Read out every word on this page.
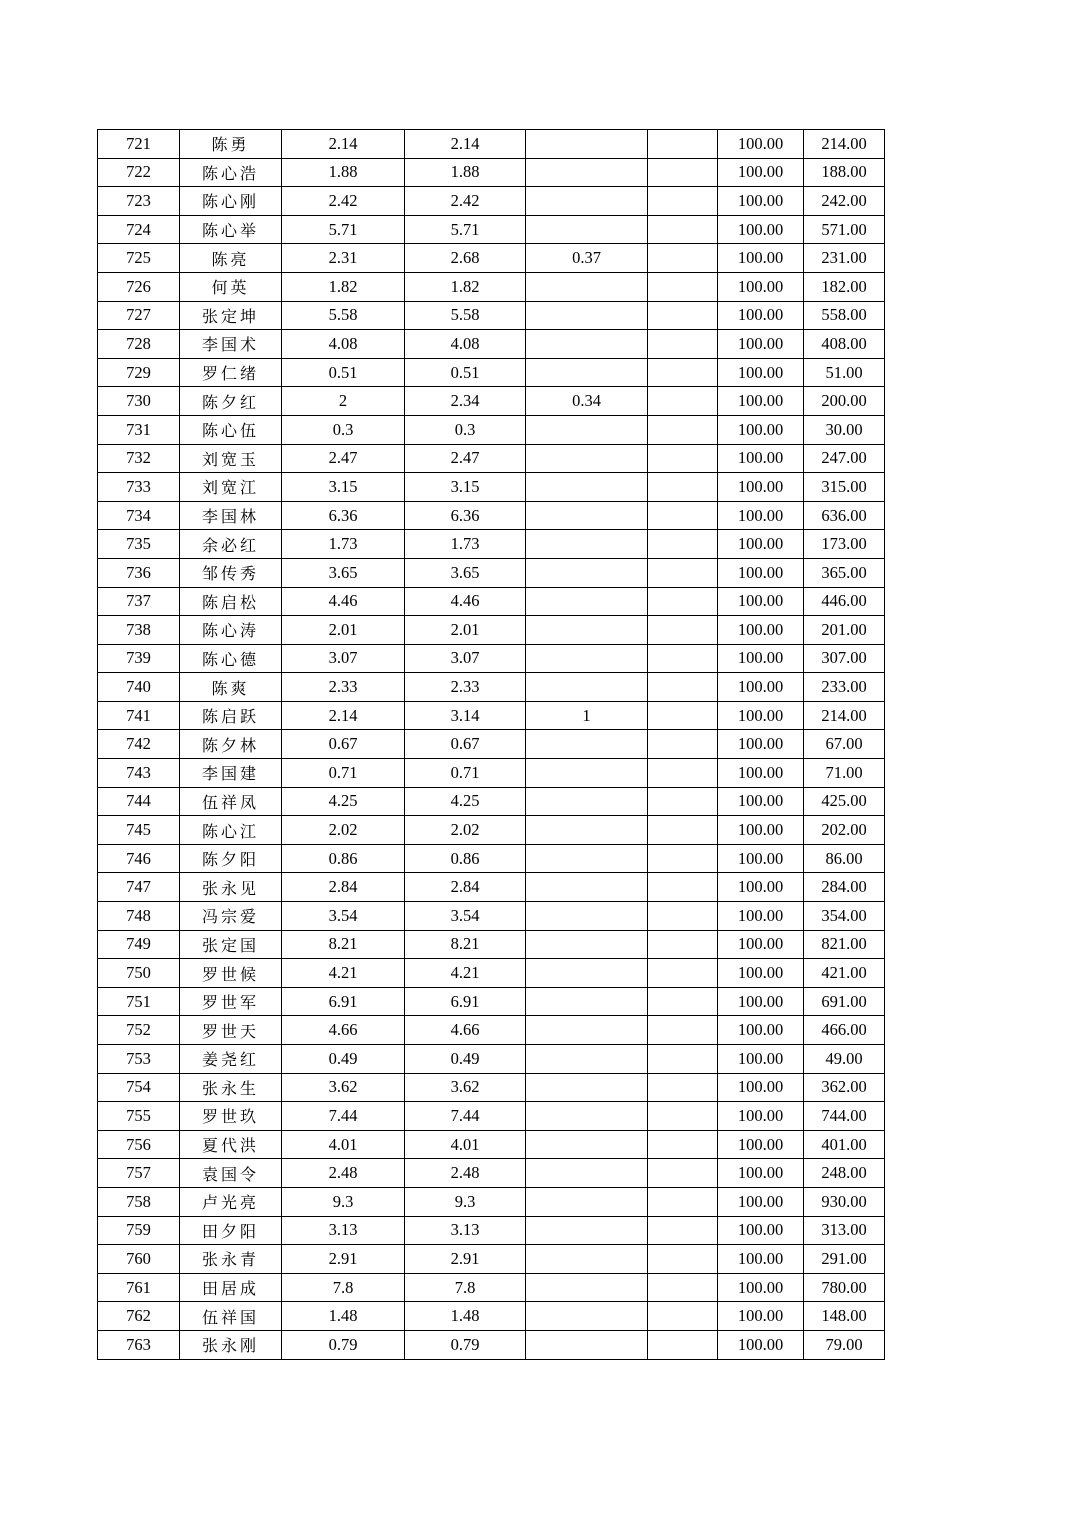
721	陈勇	2.14	2.14			100.00	214.00
722	陈心浩	1.88	1.88			100.00	188.00
723	陈心刚	2.42	2.42			100.00	242.00
724	陈心举	5.71	5.71			100.00	571.00
725	陈亮	2.31	2.68	0.37		100.00	231.00
726	何英	1.82	1.82			100.00	182.00
727	张定坤	5.58	5.58			100.00	558.00
728	李国术	4.08	4.08			100.00	408.00
729	罗仁绪	0.51	0.51			100.00	51.00
730	陈夕红	2	2.34	0.34		100.00	200.00
731	陈心伍	0.3	0.3			100.00	30.00
732	刘宽玉	2.47	2.47			100.00	247.00
733	刘宽江	3.15	3.15			100.00	315.00
734	李国林	6.36	6.36			100.00	636.00
735	余必红	1.73	1.73			100.00	173.00
736	邹传秀	3.65	3.65			100.00	365.00
737	陈启松	4.46	4.46			100.00	446.00
738	陈心涛	2.01	2.01			100.00	201.00
739	陈心德	3.07	3.07			100.00	307.00
740	陈爽	2.33	2.33			100.00	233.00
741	陈启跃	2.14	3.14	1		100.00	214.00
742	陈夕林	0.67	0.67			100.00	67.00
743	李国建	0.71	0.71			100.00	71.00
744	伍祥凤	4.25	4.25			100.00	425.00
745	陈心江	2.02	2.02			100.00	202.00
746	陈夕阳	0.86	0.86			100.00	86.00
747	张永见	2.84	2.84			100.00	284.00
748	冯宗爱	3.54	3.54			100.00	354.00
749	张定国	8.21	8.21			100.00	821.00
750	罗世候	4.21	4.21			100.00	421.00
751	罗世军	6.91	6.91			100.00	691.00
752	罗世天	4.66	4.66			100.00	466.00
753	姜尧红	0.49	0.49			100.00	49.00
754	张永生	3.62	3.62			100.00	362.00
755	罗世玖	7.44	7.44			100.00	744.00
756	夏代洪	4.01	4.01			100.00	401.00
757	袁国令	2.48	2.48			100.00	248.00
758	卢光亮	9.3	9.3			100.00	930.00
759	田夕阳	3.13	3.13			100.00	313.00
760	张永青	2.91	2.91			100.00	291.00
761	田居成	7.8	7.8			100.00	780.00
762	伍祥国	1.48	1.48			100.00	148.00
763	张永刚	0.79	0.79			100.00	79.00
